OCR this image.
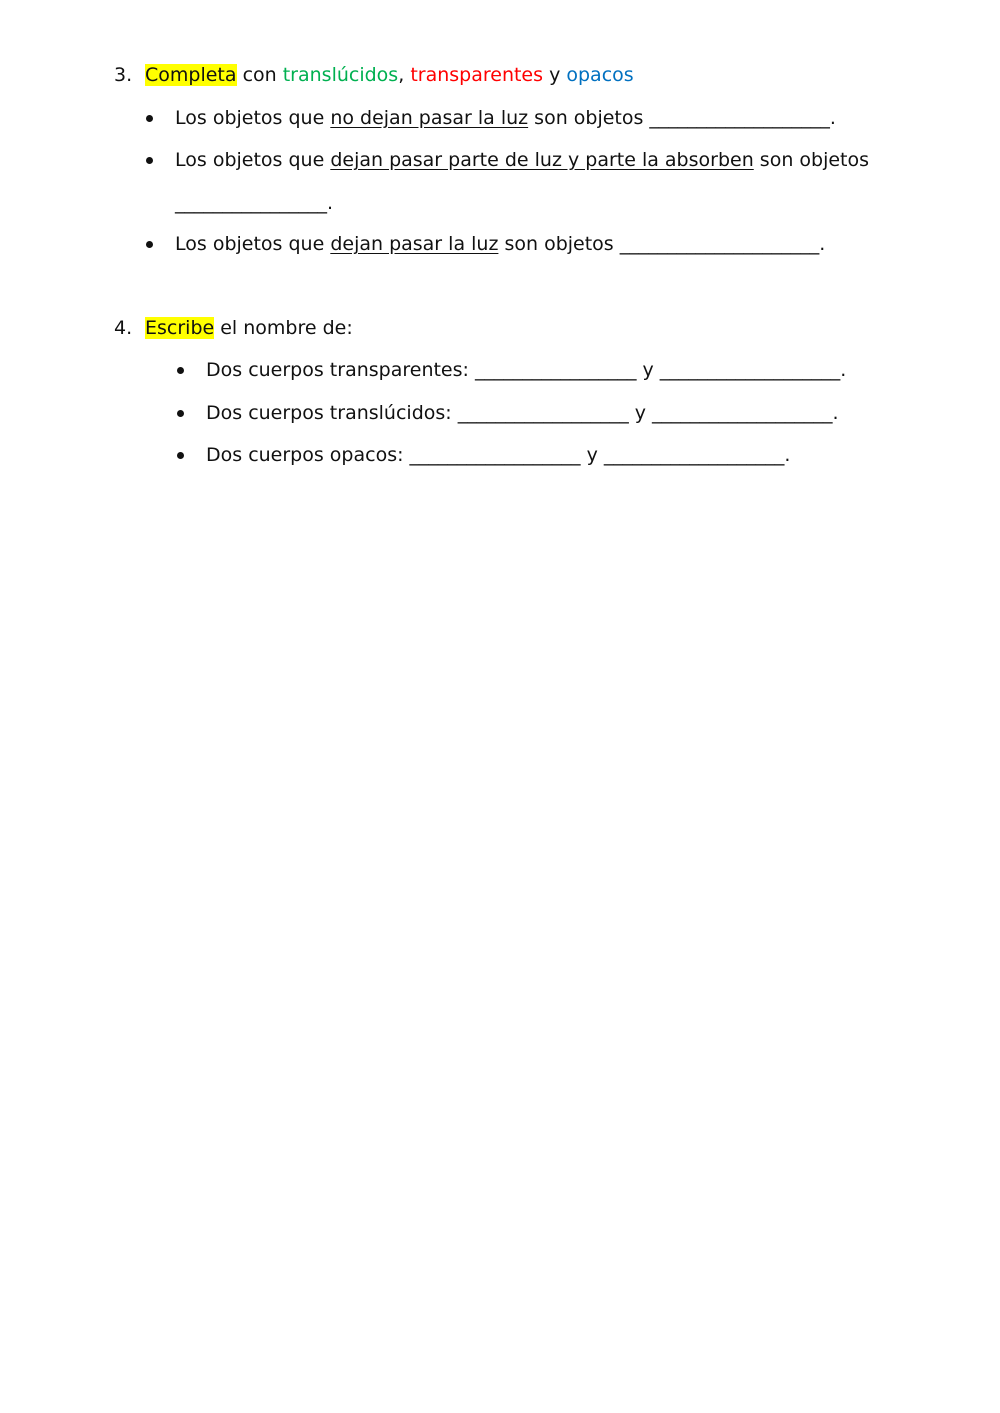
3. Completa con translúcidos, transparentes y opacos
Los objetos que no dejan pasar la luz son objetos ___________________.
Los objetos que dejan pasar parte de luz y parte la absorben son objetos
________________.
Los objetos que dejan pasar la luz son objetos _____________________.
4. Escribe el nombre de:
Dos cuerpos transparentes: _________________ y ___________________.
Dos cuerpos translúcidos: __________________ y ___________________.
Dos cuerpos opacos: __________________ y ___________________.
